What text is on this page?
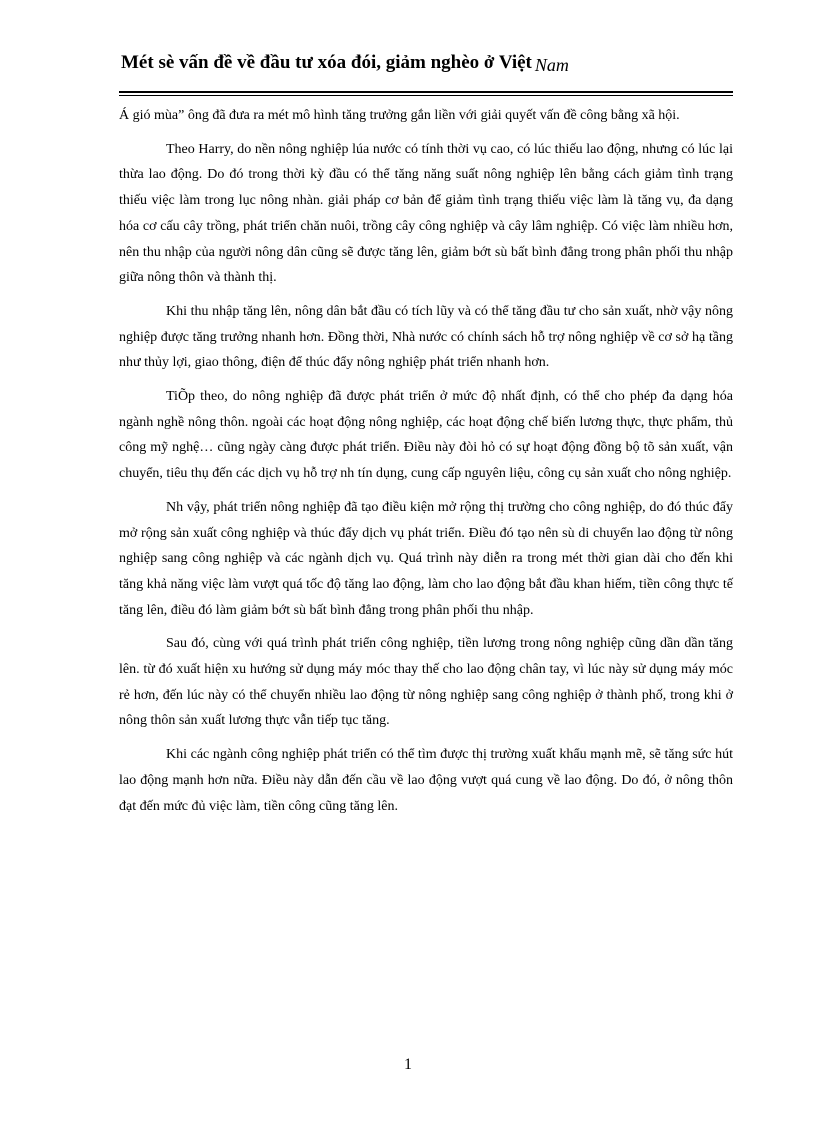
Mét sè vấn đề về đầu tư xóa đói, giảm nghèo ở Việt Nam

Á gió mùa” ông đã đưa ra mét mô hình tăng trưởng gắn liền với giải quyết vấn đề công bằng xã hội.

Theo Harry, do nền nông nghiệp lúa nước có tính thời vụ cao, có lúc thiếu lao động, nhưng có lúc lại thừa lao động. Do đó trong thời kỳ đầu có thể tăng năng suất nông nghiệp lên bằng cách giảm tình trạng thiếu việc làm trong lục nông nhàn. giải pháp cơ bản để giảm tình trạng thiếu việc làm là tăng vụ, đa dạng hóa cơ cấu cây trồng, phát triển chăn nuôi, trồng cây công nghiệp và cây lâm nghiệp. Có việc làm nhiều hơn, nên thu nhập của người nông dân cũng sẽ được tăng lên, giảm bớt sù bất bình đẳng trong phân phối thu nhập giữa nông thôn và thành thị.

Khi thu nhập tăng lên, nông dân bắt đầu có tích lũy và có thể tăng đầu tư cho sản xuất, nhờ vậy nông nghiệp được tăng trưởng nhanh hơn. Đồng thời, Nhà nước có chính sách hỗ trợ nông nghiệp về cơ sở hạ tầng như thủy lợi, giao thông, điện để thúc đẩy nông nghiệp phát triển nhanh hơn.

TiÕp theo, do nông nghiệp đã được phát triển ở mức độ nhất định, có thể cho phép đa dạng hóa ngành nghề nông thôn. ngoài các hoạt động nông nghiệp, các hoạt động chế biến lương thực, thực phẩm, thủ công mỹ nghệ… cũng ngày càng được phát triển. Điều này đòi hỏ có sự hoạt động đồng bộ tõ sản xuất, vận chuyển, tiêu thụ đến các dịch vụ hỗ trợ nh tín dụng, cung cấp nguyên liệu, công cụ sản xuất cho nông nghiệp.

Nh vậy, phát triển nông nghiệp đã tạo điều kiện mở rộng thị trường cho công nghiệp, do đó thúc đẩy mở rộng sản xuất công nghiệp và thúc đẩy dịch vụ phát triển. Điều đó tạo nên sù di chuyển lao động từ nông nghiệp sang công nghiệp và các ngành dịch vụ. Quá trình này diễn ra trong mét thời gian dài cho đến khi tăng khả năng việc làm vượt quá tốc độ tăng lao động, làm cho lao động bắt đầu khan hiếm, tiền công thực tế tăng lên, điều đó làm giảm bớt sù bất bình đẳng trong phân phối thu nhập.

Sau đó, cùng với quá trình phát triển công nghiệp, tiền lương trong nông nghiệp cũng dần dần tăng lên. từ đó xuất hiện xu hướng sử dụng máy móc thay thế cho lao động chân tay, vì lúc này sử dụng máy móc rẻ hơn, đến lúc này có thể chuyển nhiều lao động từ nông nghiệp sang công nghiệp ở thành phố, trong khi ở nông thôn sản xuất lương thực vẫn tiếp tục tăng.

Khi các ngành công nghiệp phát triển có thể tìm được thị trường xuất khẩu mạnh mẽ, sẽ tăng sức hút lao động mạnh hơn nữa. Điều này dẫn đến cầu về lao động vượt quá cung về lao động. Do đó, ở nông thôn đạt đến mức đủ việc làm, tiền công cũng tăng lên.

1
